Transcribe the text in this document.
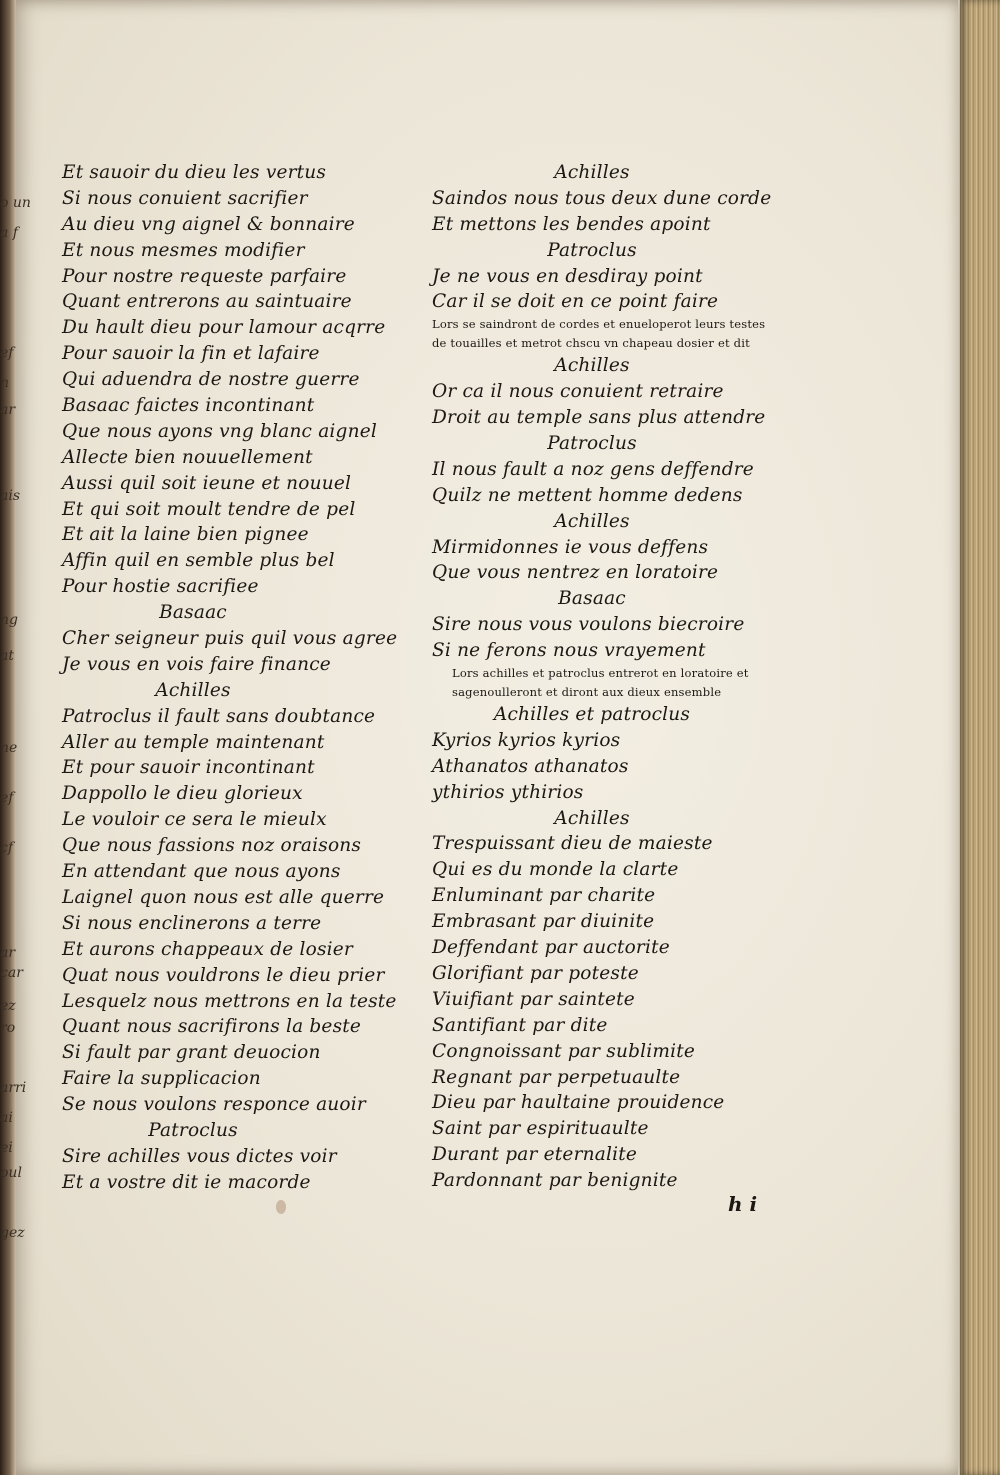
o un
a f
ef
n
ar
ais
ng
at
ne
ef
cf
ar
car
ez
ro
arri
ai
ei
oul
gez
Et sauoir du dieu les vertus
Si nous conuient sacrifier
Au dieu vng aignel & bonnaire
Et nous mesmes modifier
Pour nostre requeste parfaire
Quant entrerons au saintuaire
Du hault dieu pour lamour acqrre
Pour sauoir la fin et lafaire
Qui aduendra de nostre guerre
Basaac faictes incontinant
Que nous ayons vng blanc aignel
Allecte bien nouuellement
Aussi quil soit ieune et nouuel
Et qui soit moult tendre de pel
Et ait la laine bien pignee
Affin quil en semble plus bel
Pour hostie sacrifiee
Basaac
Cher seigneur puis quil vous agree
Je vous en vois faire finance
Achilles
Patroclus il fault sans doubtance
Aller au temple maintenant
Et pour sauoir incontinant
Dappollo le dieu glorieux
Le vouloir ce sera le mieulx
Que nous fassions noz oraisons
En attendant que nous ayons
Laignel quon nous est alle querre
Si nous enclinerons a terre
Et aurons chappeaux de losier
Quat nous vouldrons le dieu prier
Lesquelz nous mettrons en la teste
Quant nous sacrifirons la beste
Si fault par grant deuocion
Faire la supplicacion
Se nous voulons responce auoir
Patroclus
Sire achilles vous dictes voir
Et a vostre dit ie macorde
Achilles
Saindos nous tous deux dune corde
Et mettons les bendes apoint
Patroclus
Je ne vous en desdiray point
Car il se doit en ce point faire
Lors se saindront de cordes et enueloperot leurs testes
de touailles et metrot chscu vn chapeau dosier et dit
Achilles
Or ca il nous conuient retraire
Droit au temple sans plus attendre
Patroclus
Il nous fault a noz gens deffendre
Quilz ne mettent homme dedens
Achilles
Mirmidonnes ie vous deffens
Que vous nentrez en loratoire
Basaac
Sire nous vous voulons biecroire
Si ne ferons nous vrayement
Lors achilles et patroclus entrerot en loratoire et
sagenoulleront et diront aux dieux ensemble
Achilles et patroclus
Kyrios kyrios kyrios
Athanatos athanatos
ythirios ythirios
Achilles
Trespuissant dieu de maieste
Qui es du monde la clarte
Enluminant par charite
Embrasant par diuinite
Deffendant par auctorite
Glorifiant par poteste
Viuifiant par saintete
Santifiant par dite
Congnoissant par sublimite
Regnant par perpetuaulte
Dieu par haultaine prouidence
Saint par espirituaulte
Durant par eternalite
Pardonnant par benignite
h i
